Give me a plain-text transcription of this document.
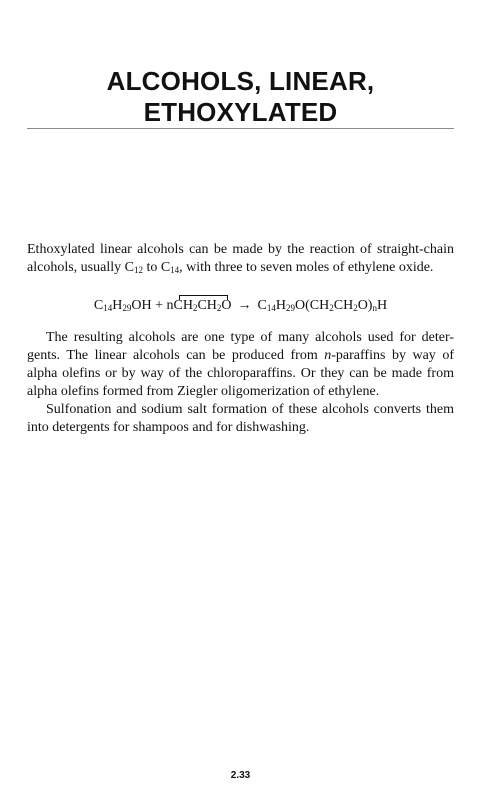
ALCOHOLS, LINEAR,
ETHOXYLATED

Ethoxylated linear alcohols can be made by the reaction of straight-chain
alcohols, usually $C_{12}$ to $C_{14}$, with three to seven moles of ethylene oxide.

$C_{14}H_{29}OH + nCH_2CH_2O \to C_{14}H_{29}O(CH_2CH_2O)_nH$

The resulting alcohols are one type of many alcohols used for deter- gents. The linear alcohols can be produced from n-paraffins by way of alpha olefins or by way of the chloroparaffins. Or they can be made from alpha olefins formed from Ziegler oligomerization of ethylene.

Sulfonation and sodium salt formation of these alcohols converts them into detergents for shampoos and for dishwashing.

2.33
